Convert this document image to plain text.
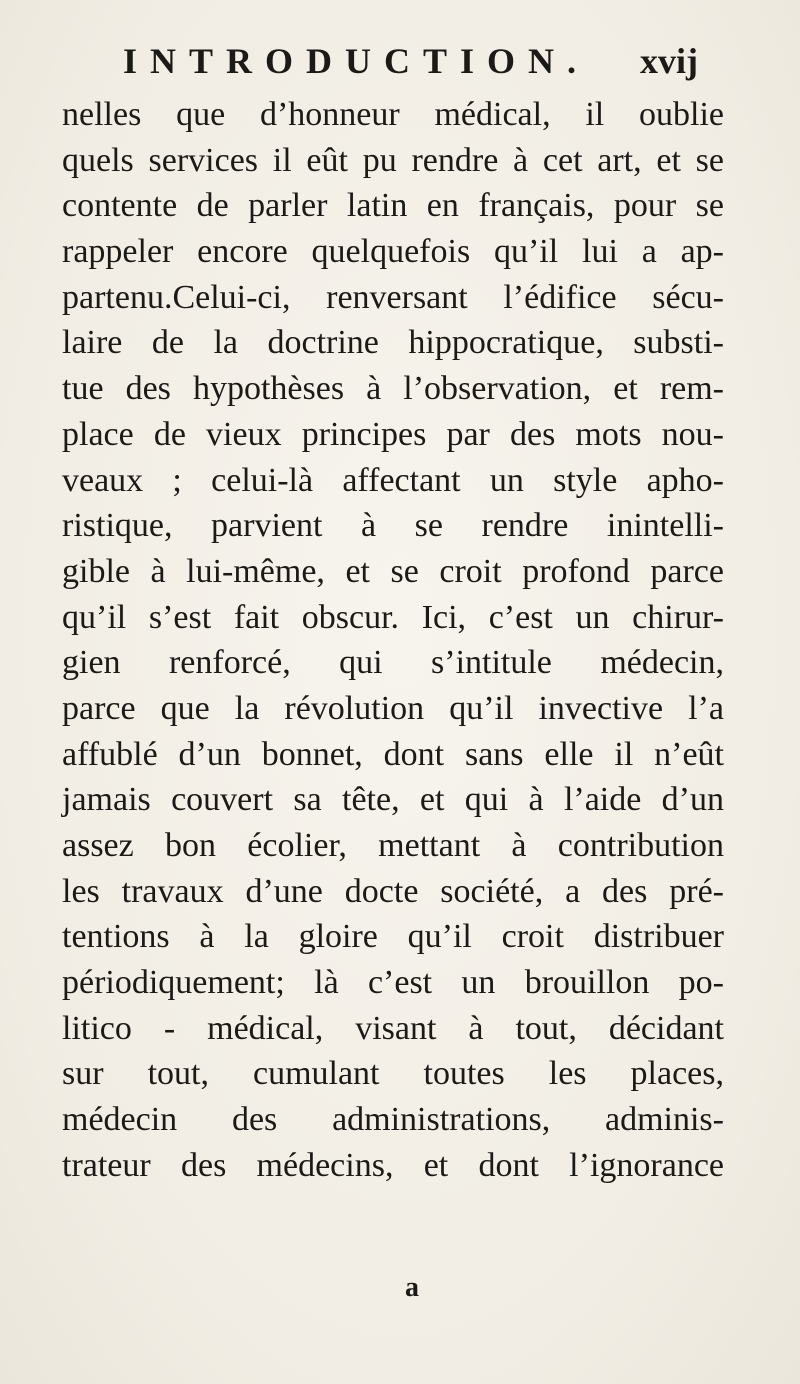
INTRODUCTION. xvij
nelles que d’honneur médical, il oublie
quels services il eût pu rendre à cet art, et se
contente de parler latin en français, pour se
rappeler encore quelquefois qu’il lui a ap-
partenu.Celui-ci, renversant l’édifice sécu-
laire de la doctrine hippocratique, substi-
tue des hypothèses à l’observation, et rem-
place de vieux principes par des mots nou-
veaux ; celui-là affectant un style apho-
ristique, parvient à se rendre inintelli-
gible à lui-même, et se croit profond parce
qu’il s’est fait obscur. Ici, c’est un chirur-
gien renforcé, qui s’intitule médecin,
parce que la révolution qu’il invective l’a
affublé d’un bonnet, dont sans elle il n’eût
jamais couvert sa tête, et qui à l’aide d’un
assez bon écolier, mettant à contribution
les travaux d’une docte société, a des pré-
tentions à la gloire qu’il croit distribuer
périodiquement; là c’est un brouillon po-
litico - médical, visant à tout, décidant
sur tout, cumulant toutes les places,
médecin des administrations, adminis-
trateur des médecins, et dont l’ignorance
a
